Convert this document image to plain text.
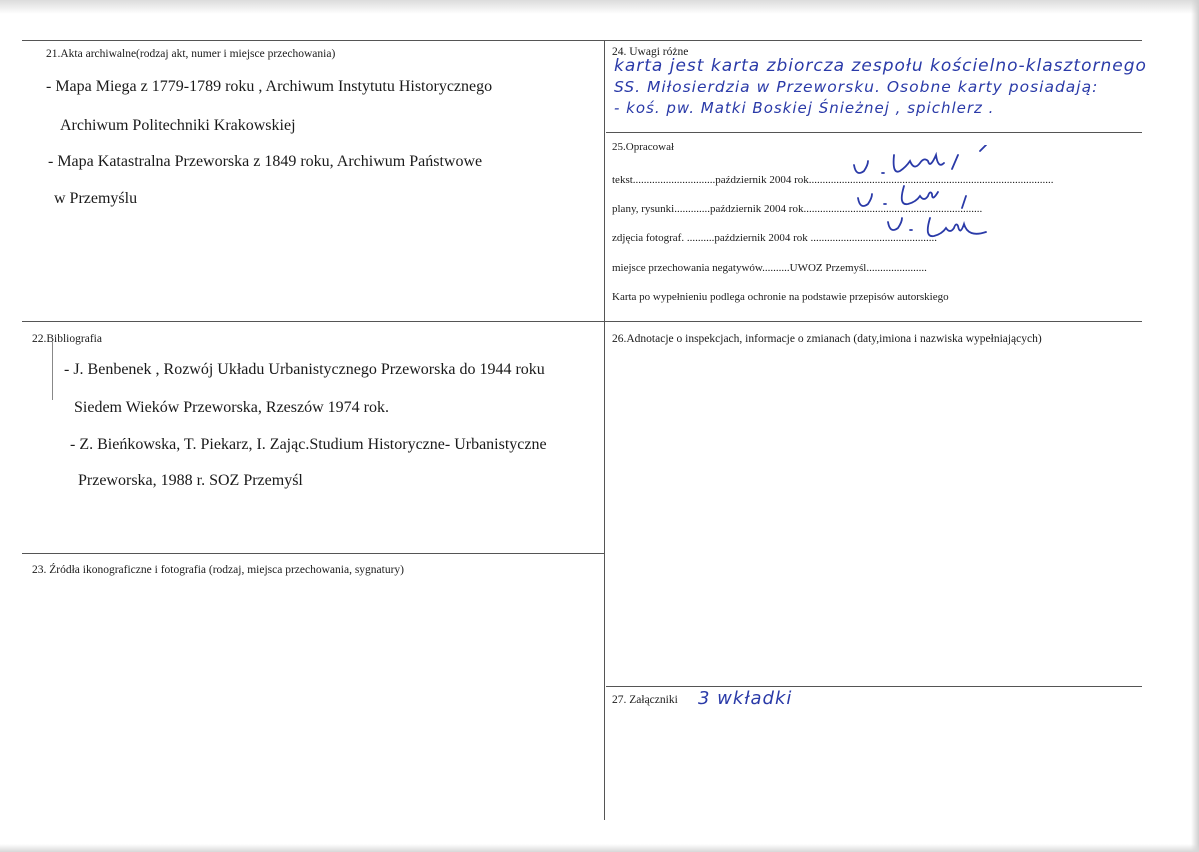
21.Akta archiwalne(rodzaj akt, numer i miejsce przechowania)
- Mapa Miega z 1779-1789 roku , Archiwum Instytutu Historycznego
Archiwum Politechniki Krakowskiej
- Mapa Katastralna Przeworska z 1849 roku, Archiwum Państwowe
w Przemyślu
22.Bibliografia
- J. Benbenek , Rozwój Układu Urbanistycznego Przeworska do 1944 roku
Siedem Wieków Przeworska, Rzeszów 1974 rok.
- Z. Bieńkowska, T. Piekarz, I. Zając.Studium Historyczne- Urbanistyczne
Przeworska, 1988 r. SOZ Przemyśl
23. Źródła ikonograficzne i fotografia (rodzaj, miejsca przechowania, sygnatury)
24. Uwagi różne
karta jest karta zbiorcza zespołu kościelno-klasztornego
SS. Miłosierdzia w Przeworsku. Osobne karty posiadają:
- koś. pw. Matki Boskiej Śnieżnej , spichlerz .
25.Opracował
tekst..............................październik 2004 rok.........................................................................................
plany, rysunki.............październik 2004 rok.................................................................
zdjęcia fotograf. ..........październik 2004 rok ..............................................
miejsce przechowania negatywów..........UWOZ Przemyśl......................
Karta po wypełnieniu podlega ochronie na podstawie przepisów autorskiego
26.Adnotacje o inspekcjach, informacje o zmianach (daty,imiona i nazwiska wypełniających)
27. Załączniki 3 wkładki
